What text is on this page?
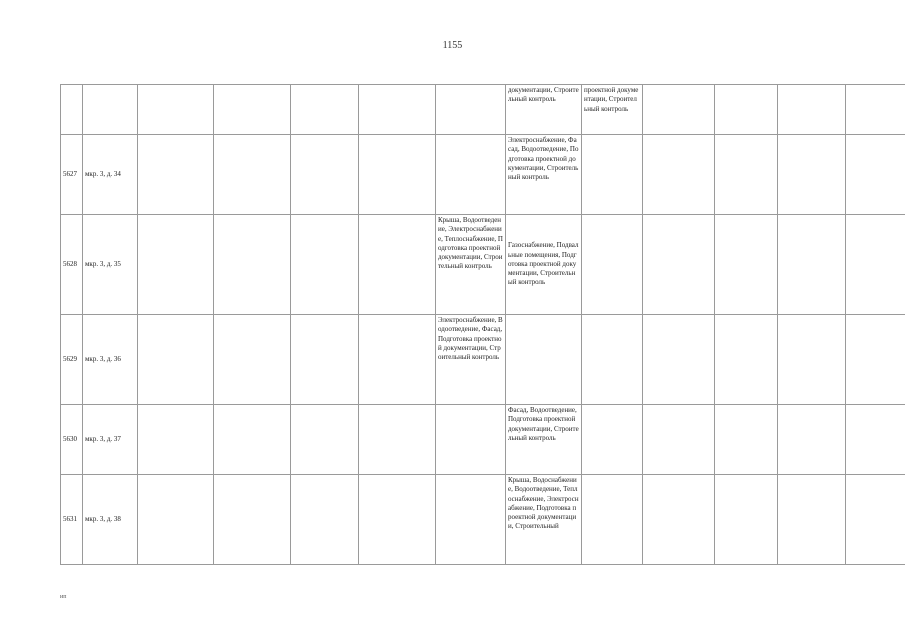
1155
							документации, Строительный контроль	проектной документации, Строительный контроль				
5627	мкр. 3, д. 34						Электроснабжение, Фасад, Водоотведение, Подготовка проектной документации, Строительный контроль					
5628	мкр. 3, д. 35					Крыша, Водоотведение, Электроснабжение, Теплоснабжение, Подготовка проектной документации, Строительный контроль	Газоснабжение, Подвальные помещения, Подготовка проектной документации, Строительный контроль					
5629	мкр. 3, д. 36					Электроснабжение, Водоотведение, Фасад, Подготовка проектной документации, Строительный контроль						
5630	мкр. 3, д. 37						Фасад, Водоотведение, Подготовка проектной документации, Строительный контроль					
5631	мкр. 3, д. 38						Крыша, Водоснабжение, Водоотведение, Теплоснабжение, Электроснабжение, Подготовка проектной документации, Строительный					
ип
